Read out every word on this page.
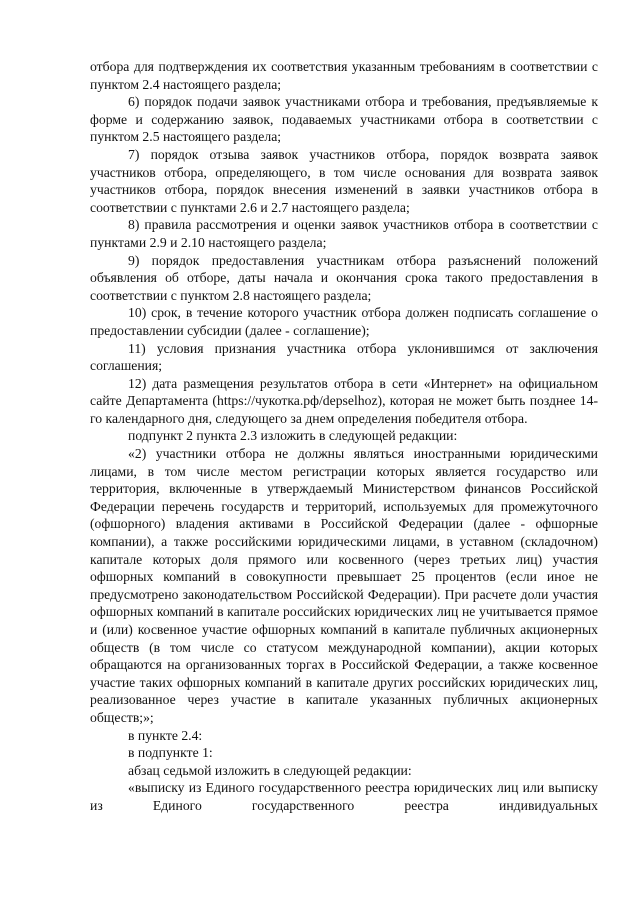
отбора для подтверждения их соответствия указанным требованиям в соответствии с пунктом 2.4 настоящего раздела;

6) порядок подачи заявок участниками отбора и требования, предъявляемые к форме и содержанию заявок, подаваемых участниками отбора в соответствии с пунктом 2.5 настоящего раздела;

7) порядок отзыва заявок участников отбора, порядок возврата заявок участников отбора, определяющего, в том числе основания для возврата заявок участников отбора, порядок внесения изменений в заявки участников отбора в соответствии с пунктами 2.6 и 2.7 настоящего раздела;

8) правила рассмотрения и оценки заявок участников отбора в соответствии с пунктами 2.9 и 2.10 настоящего раздела;

9) порядок предоставления участникам отбора разъяснений положений объявления об отборе, даты начала и окончания срока такого предоставления в соответствии с пунктом 2.8 настоящего раздела;

10) срок, в течение которого участник отбора должен подписать соглашение о предоставлении субсидии (далее - соглашение);

11) условия признания участника отбора уклонившимся от заключения соглашения;

12) дата размещения результатов отбора в сети «Интернет» на официальном сайте Департамента (https://чукотка.рф/depselhoz), которая не может быть позднее 14-го календарного дня, следующего за днем определения победителя отбора.

подпункт 2 пункта 2.3 изложить в следующей редакции:

«2) участники отбора не должны являться иностранными юридическими лицами, в том числе местом регистрации которых является государство или территория, включенные в утверждаемый Министерством финансов Российской Федерации перечень государств и территорий, используемых для промежуточного (офшорного) владения активами в Российской Федерации (далее - офшорные компании), а также российскими юридическими лицами, в уставном (складочном) капитале которых доля прямого или косвенного (через третьих лиц) участия офшорных компаний в совокупности превышает 25 процентов (если иное не предусмотрено законодательством Российской Федерации). При расчете доли участия офшорных компаний в капитале российских юридических лиц не учитывается прямое и (или) косвенное участие офшорных компаний в капитале публичных акционерных обществ (в том числе со статусом международной компании), акции которых обращаются на организованных торгах в Российской Федерации, а также косвенное участие таких офшорных компаний в капитале других российских юридических лиц, реализованное через участие в капитале указанных публичных акционерных обществ;»;

в пункте 2.4:

в подпункте 1:

абзац седьмой изложить в следующей редакции:

«выписку из Единого государственного реестра юридических лиц или выписку из Единого государственного реестра индивидуальных
